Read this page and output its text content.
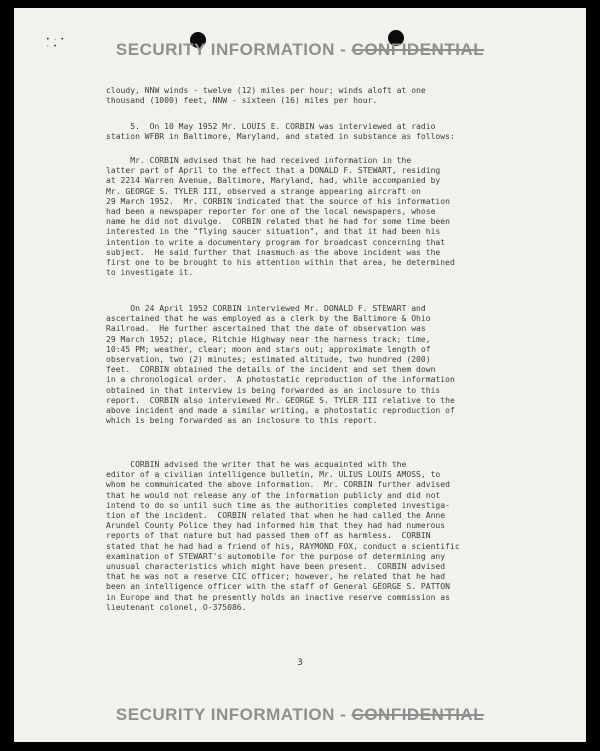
• · •
· •	SECURITY INFORMATION - CONFIDENTIAL
cloudy, NNW winds - twelve (12) miles per hour; winds aloft at one
thousand (1000) feet, NNW - sixteen (16) miles per hour.
5.  On 10 May 1952 Mr. LOUIS E. CORBIN was interviewed at radio
station WFBR in Baltimore, Maryland, and stated in substance as follows:
Mr. CORBIN advised that he had received information in the
latter part of April to the effect that a DONALD F. STEWART, residing
at 2214 Warren Avenue, Baltimore, Maryland, had, while accompanied by
Mr. GEORGE S. TYLER III, observed a strange appearing aircraft on
29 March 1952.  Mr. CORBIN indicated that the source of his information
had been a newspaper reporter for one of the local newspapers, whose
name he did not divulge.  CORBIN related that he had for some time been
interested in the "flying saucer situation", and that it had been his
intention to write a documentary program for broadcast concerning that
subject.  He said further that inasmuch as the above incident was the
first one to be brought to his attention within that area, he determined
to investigate it.
On 24 April 1952 CORBIN interviewed Mr. DONALD F. STEWART and
ascertained that he was employed as a clerk by the Baltimore & Ohio
Railroad.  He further ascertained that the date of observation was
29 March 1952; place, Ritchie Highway near the harness track; time,
10:45 PM; weather, clear; moon and stars out; approximate length of
observation, two (2) minutes; estimated altitude, two hundred (200)
feet.  CORBIN obtained the details of the incident and set them down
in a chronological order.  A photostatic reproduction of the information
obtained in that interview is being forwarded as an inclosure to this
report.  CORBIN also interviewed Mr. GEORGE S. TYLER III relative to the
above incident and made a similar writing, a photostatic reproduction of
which is being forwarded as an inclosure to this report.
CORBIN advised the writer that he was acquainted with the
editor of a civilian intelligence bulletin, Mr. ULIUS LOUIS AMOSS, to
whom he communicated the above information.  Mr. CORBIN further advised
that he would not release any of the information publicly and did not
intend to do so until such time as the authorities completed investiga-
tion of the incident.  CORBIN related that when he had called the Anne
Arundel County Police they had informed him that they had had numerous
reports of that nature but had passed them off as harmless.  CORBIN
stated that he had had a friend of his, RAYMOND FOX, conduct a scientific
examination of STEWART's automobile for the purpose of determining any
unusual characteristics which might have been present.  CORBIN advised
that he was not a reserve CIC officer; however, he related that he had
been an intelligence officer with the staff of General GEORGE S. PATTON
in Europe and that he presently holds an inactive reserve commission as
lieutenant colonel, O-375086.
3
SECURITY INFORMATION - CONFIDENTIAL
